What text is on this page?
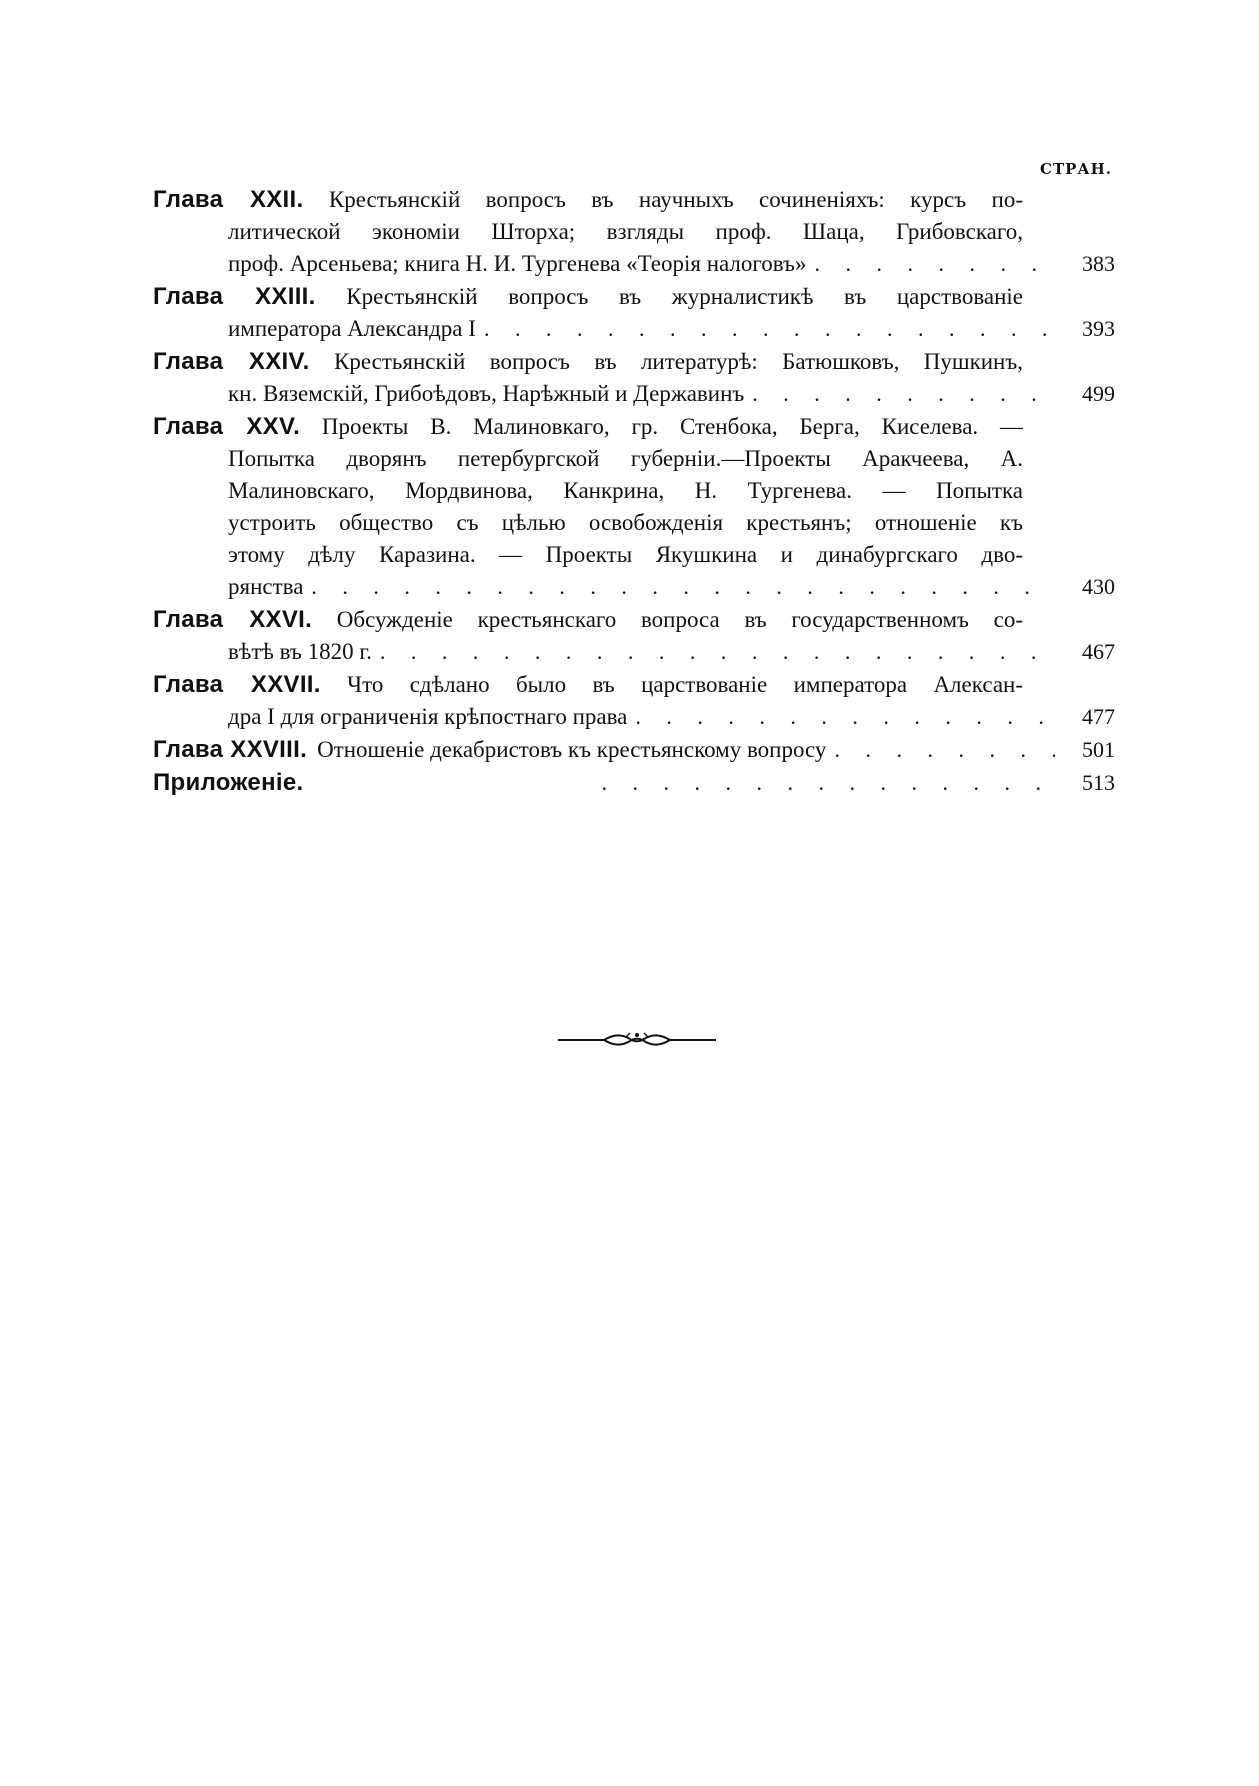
СТРАН.
Глава XXII. Крестьянскій вопросъ въ научныхъ сочиненіяхъ: курсъ по-
литической экономіи Шторха; взгляды проф. Шаца, Грибовскаго,
проф. Арсеньева; книга Н. И. Тургенева «Теорія налоговъ» . . .	383
Глава XXIII. Крестьянскій вопросъ въ журналистикѣ въ царствованіе
императора Александра I . . .	393
Глава XXIV. Крестьянскій вопросъ въ литературѣ: Батюшковъ, Пушкинъ,
кн. Вяземскій, Грибоѣдовъ, Нарѣжный и Державинъ . . .	499
Глава XXV. Проекты В. Малиновкаго, гр. Стенбока, Берга, Киселева. —
Попытка дворянъ петербургской губерніи.—Проекты Аракчеева, А.
Малиновскаго, Мордвинова, Канкрина, Н. Тургенева. — Попытка
устроить общество съ цѣлью освобожденія крестьянъ; отношеніе къ
этому дѣлу Каразина. — Проекты Якушкина и динабургскаго дво-
рянства . . .	430
Глава XXVI. Обсужденіе крестьянскаго вопроса въ государственномъ со-
вѣтѣ въ 1820 г. . . .	467
Глава XXVII. Что сдѣлано было въ царствованіе императора Алексан-
дра I для ограниченія крѣпостнаго права . . .	477
Глава XXVIII. Отношеніе декабристовъ къ крестьянскому вопросу . . .	501
Приложеніе. . . .	513
